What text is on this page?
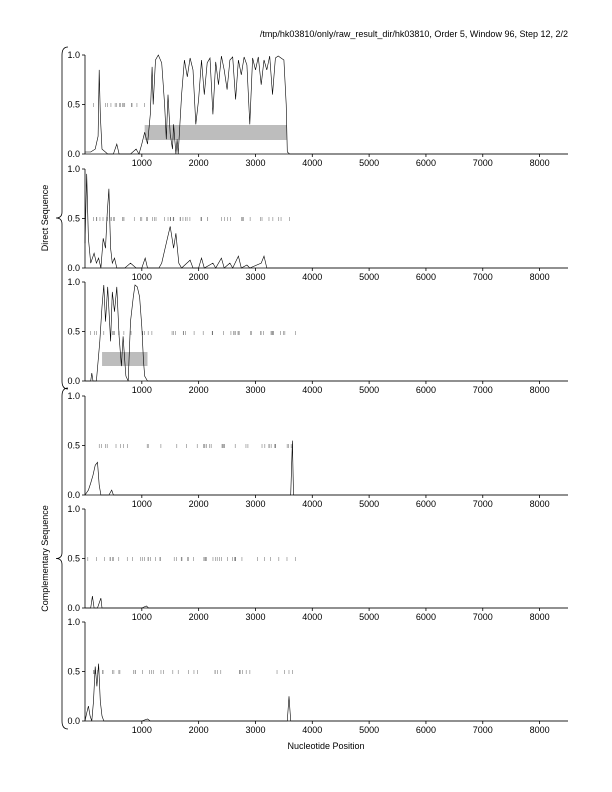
/tmp/hk03810/only/raw_result_dir/hk03810, Order 5, Window 96, Step 12, 2/2
0.0
0.5
1.0
1000	2000	3000	4000	5000	6000	7000	8000
0.0
0.5
1.0
1000	2000	3000	4000	5000	6000	7000	8000
0.0
0.5
1.0
1000	2000	3000	4000	5000	6000	7000	8000
0.0
0.5
1.0
1000	2000	3000	4000	5000	6000	7000	8000
0.0
0.5
1.0
1000	2000	3000	4000	5000	6000	7000	8000
0.0
0.5
1.0
1000	2000	3000	4000	5000	6000	7000	8000
Direct Sequence
Complementary Sequence
Nucleotide Position
